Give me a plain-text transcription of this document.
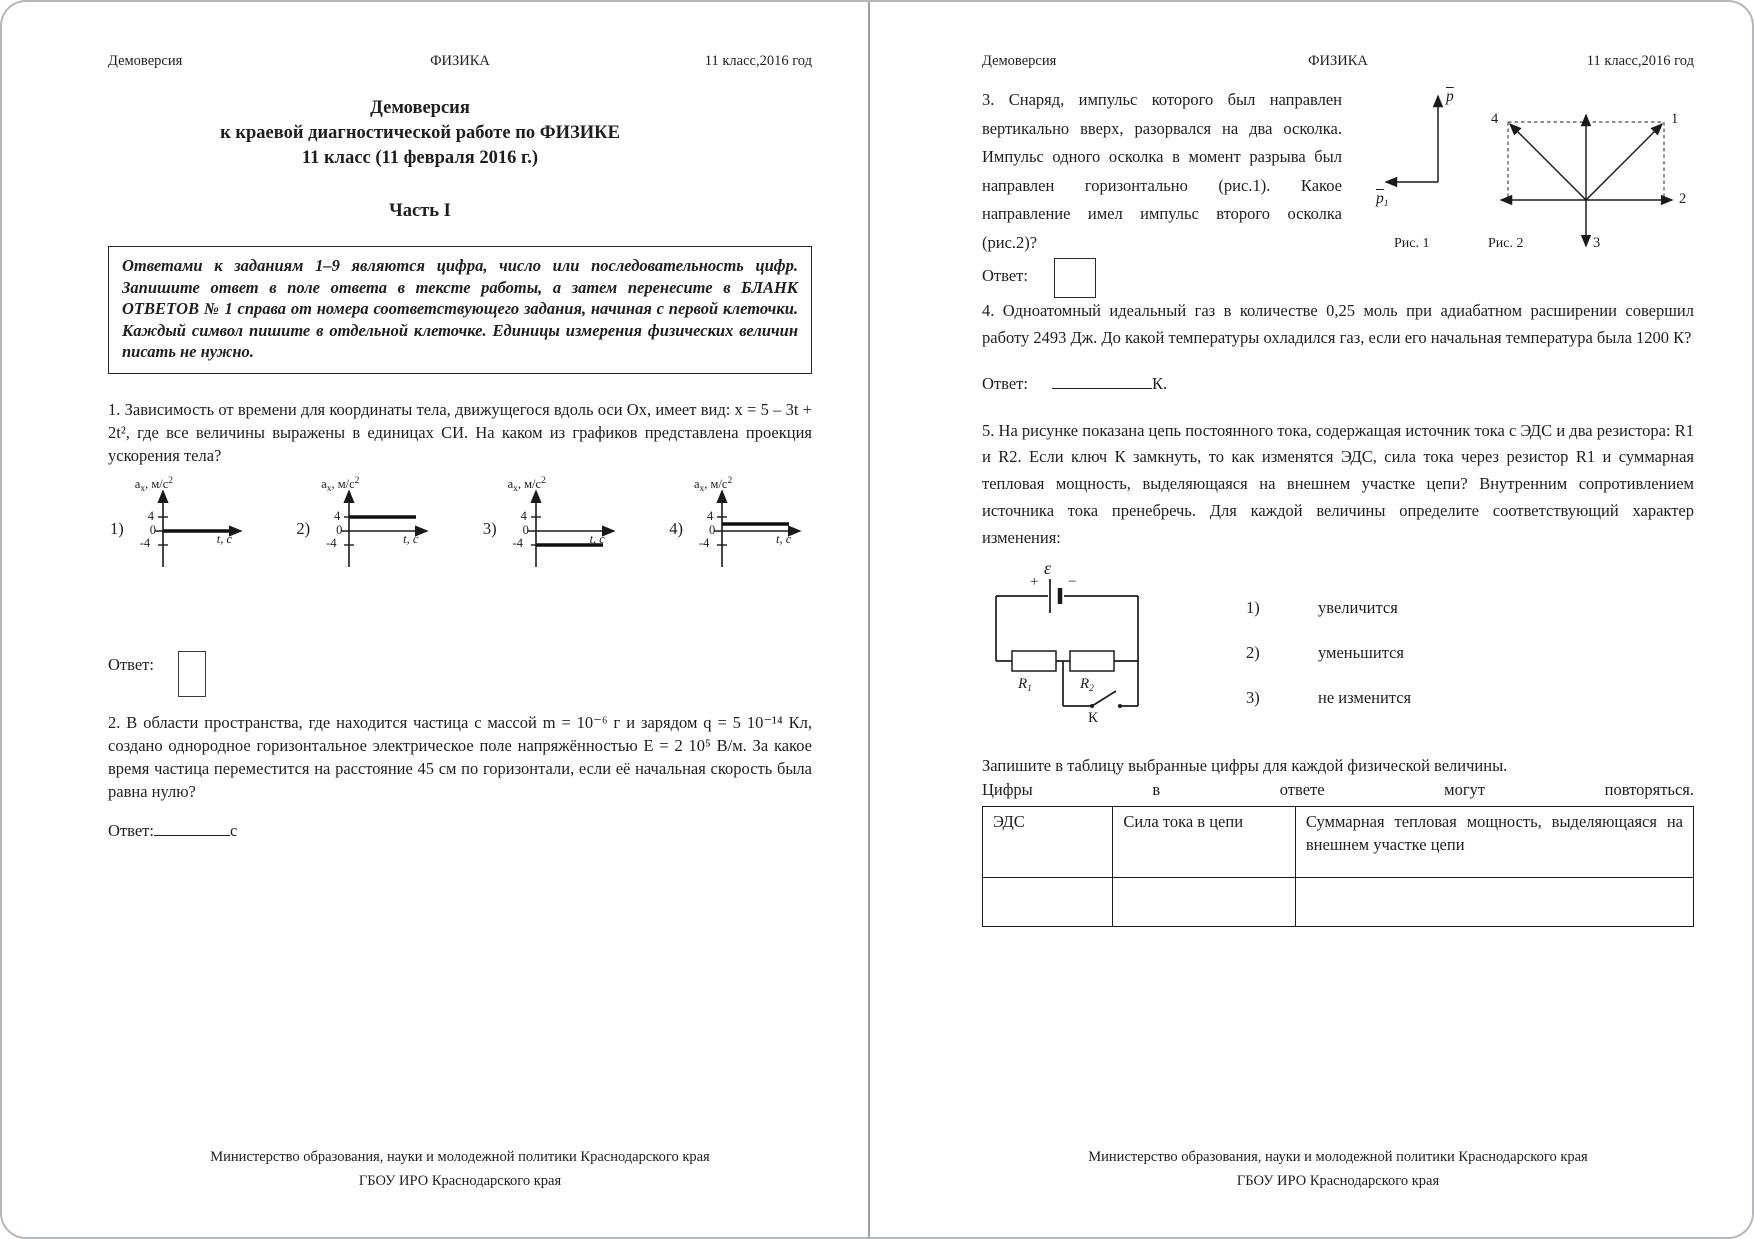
Демоверсия	ФИЗИКА	11 класс,2016 год
Демоверсия
к краевой диагностической работе по ФИЗИКЕ
11 класс (11 февраля 2016 г.)
Часть I
Ответами к заданиям 1–9 являются цифра, число или последовательность цифр. Запишите ответ в поле ответа в тексте работы, а затем перенесите в БЛАНК ОТВЕТОВ № 1 справа от номера соответствующего задания, начиная с первой клеточки. Каждый символ пишите в отдельной клеточке. Единицы измерения физических величин писать не нужно.

1. Зависимость от времени для координаты тела, движущегося вдоль оси Ох, имеет вид: х = 5 – 3t + 2t², где все величины выражены в единицах СИ. На каком из графиков представлена проекция ускорения тела?

1)
$a_x$, $м/с^2$
4
0
-4	t, с
2)
$a_x$, $м/с^2$
4
0
-4	t, с
3)
$a_x$, $м/с^2$
4
0
-4	t, с
4)
$a_x$, $м/с^2$
4
0
-4	t, с
Ответ:

2. В области пространства, где находится частица с массой m = 10⁻⁶ г и зарядом q = 5 10⁻¹⁴ Кл, создано однородное горизонтальное электрическое поле напряжённостью Е = 2 10⁵ В/м. За какое время частица переместится на расстояние 45 см по горизонтали, если её начальная скорость была равна нулю?

Ответ:	с
Министерство образования, науки и молодежной политики Краснодарского края
ГБОУ ИРО Краснодарского края
Демоверсия	ФИЗИКА	11 класс,2016 год

3. Снаряд, импульс которого был направлен вертикально вверх, разорвался на два осколка. Импульс одного осколка в момент разрыва был направлен горизонтально (рис.1). Какое направление имел импульс второго осколка (рис.2)?

$\overline{p}$
$\overline{p}1$
Рис. 1
4	1
2
3
Рис. 2
Ответ:

4. Одноатомный идеальный газ в количестве 0,25 моль при адиабатном расширении совершил работу 2493 Дж. До какой температуры охладился газ, если его начальная температура была 1200 К?

Ответ:	К.

5. На рисунке показана цепь постоянного тока, содержащая источник тока с ЭДС и два резистора: R1 и R2. Если ключ К замкнуть, то как изменятся ЭДС, сила тока через резистор R1 и суммарная тепловая мощность, выделяющаяся на внешнем участке цепи? Внутренним сопротивлением источника тока пренебречь. Для каждой величины определите соответствующий характер изменения:

ε
+ −
$R_1$	$R_2$
К
1)	увеличится
2)	уменьшится
3)	не изменится

Запишите в таблицу выбранные цифры для каждой физической величины.

Цифры в ответе могут повторяться.

ЭДС	Сила тока в цепи	Суммарная тепловая мощность, выделяющаяся на внешнем участке цепи

Министерство образования, науки и молодежной политики Краснодарского края
ГБОУ ИРО Краснодарского края
